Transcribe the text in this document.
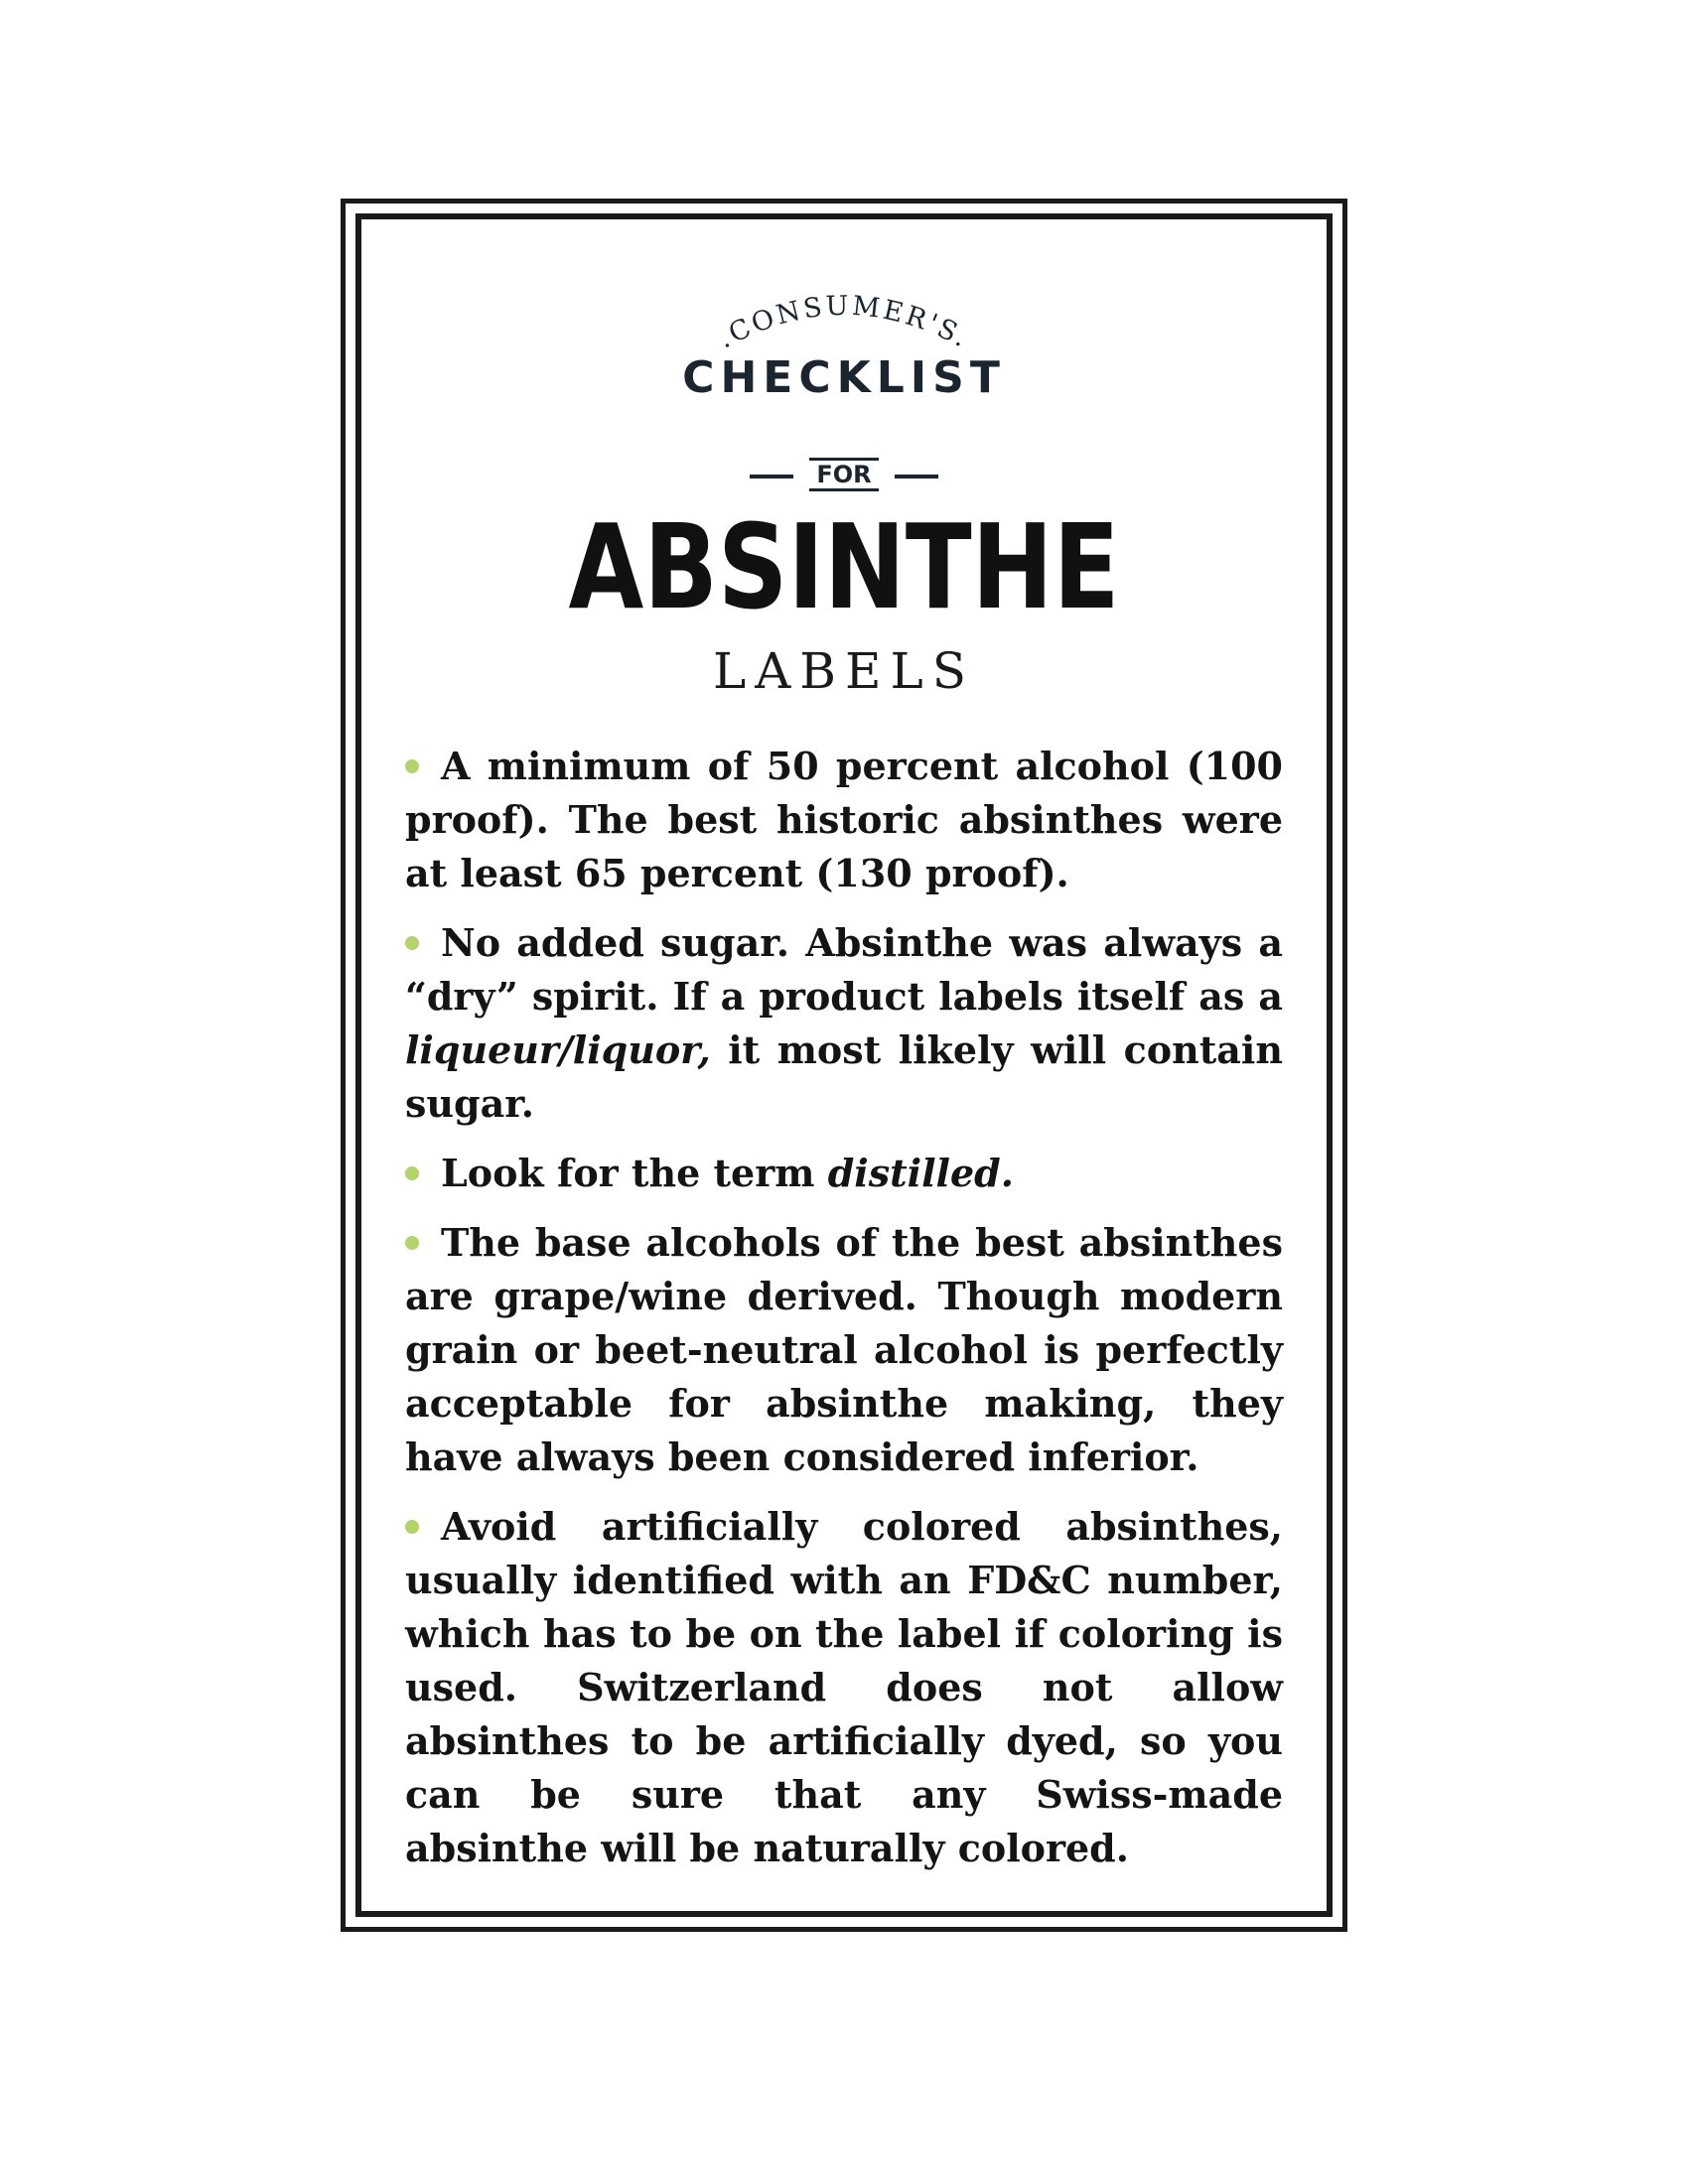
.CONSUMER'S.
CHECKLIST
FOR
ABSINTHE
LABELS
A minimum of 50 percent alcohol (100 proof). The best historic absinthes were at least 65 percent (130 proof).
No added sugar. Absinthe was always a “dry” spirit. If a product labels itself as a liqueur/liquor, it most likely will contain sugar.
Look for the term distilled.
The base alcohols of the best absinthes are grape/wine derived. Though modern grain or beet-neutral alcohol is perfectly acceptable for absinthe making, they have always been considered inferior.
Avoid artificially colored absinthes, usually identified with an FD&C number, which has to be on the label if coloring is used. Switzerland does not allow absinthes to be artificially dyed, so you can be sure that any Swiss-made absinthe will be naturally colored.
